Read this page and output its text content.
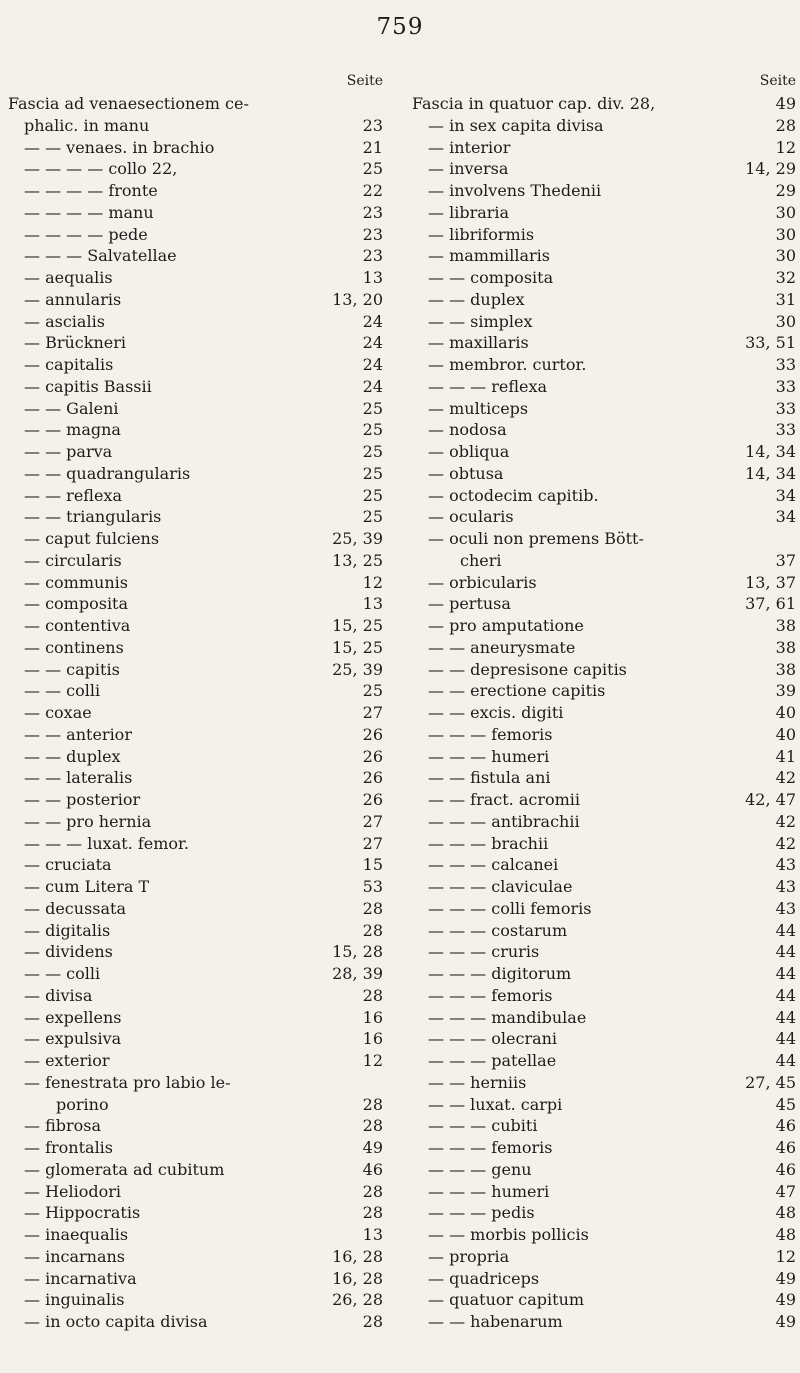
759
Seite
Fascia ad venaesectionem ce-
phalic. in manu	23
— — venaes. in brachio	21
— — — — collo 22,	25
— — — — fronte	22
— — — — manu	23
— — — — pede	23
— — — Salvatellae	23
— aequalis	13
— annularis	13, 20
— ascialis	24
— Brückneri	24
— capitalis	24
— capitis Bassii	24
— — Galeni	25
— — magna	25
— — parva	25
— — quadrangularis	25
— — reflexa	25
— — triangularis	25
— caput fulciens	25, 39
— circularis	13, 25
— communis	12
— composita	13
— contentiva	15, 25
— continens	15, 25
— — capitis	25, 39
— — colli	25
— coxae	27
— — anterior	26
— — duplex	26
— — lateralis	26
— — posterior	26
— — pro hernia	27
— — — luxat. femor.	27
— cruciata	15
— cum Litera T	53
— decussata	28
— digitalis	28
— dividens	15, 28
— — colli	28, 39
— divisa	28
— expellens	16
— expulsiva	16
— exterior	12
— fenestrata pro labio le-
porino	28
— fibrosa	28
— frontalis	49
— glomerata ad cubitum	46
— Heliodori	28
— Hippocratis	28
— inaequalis	13
— incarnans	16, 28
— incarnativa	16, 28
— inguinalis	26, 28
— in octo capita divisa	28
Seite
Fascia in quatuor cap. div. 28,	49
— in sex capita divisa	28
— interior	12
— inversa	14, 29
— involvens Thedenii	29
— libraria	30
— libriformis	30
— mammillaris	30
— — composita	32
— — duplex	31
— — simplex	30
— maxillaris	33, 51
— membror. curtor.	33
— — — reflexa	33
— multiceps	33
— nodosa	33
— obliqua	14, 34
— obtusa	14, 34
— octodecim capitib.	34
— ocularis	34
— oculi non premens Bött-
cheri	37
— orbicularis	13, 37
— pertusa	37, 61
— pro amputatione	38
— — aneurysmate	38
— — depresisone capitis	38
— — erectione capitis	39
— — excis. digiti	40
— — — femoris	40
— — — humeri	41
— — fistula ani	42
— — fract. acromii	42, 47
— — — antibrachii	42
— — — brachii	42
— — — calcanei	43
— — — claviculae	43
— — — colli femoris	43
— — — costarum	44
— — — cruris	44
— — — digitorum	44
— — — femoris	44
— — — mandibulae	44
— — — olecrani	44
— — — patellae	44
— — herniis	27, 45
— — luxat. carpi	45
— — — cubiti	46
— — — femoris	46
— — — genu	46
— — — humeri	47
— — — pedis	48
— — morbis pollicis	48
— propria	12
— quadriceps	49
— quatuor capitum	49
— — habenarum	49
